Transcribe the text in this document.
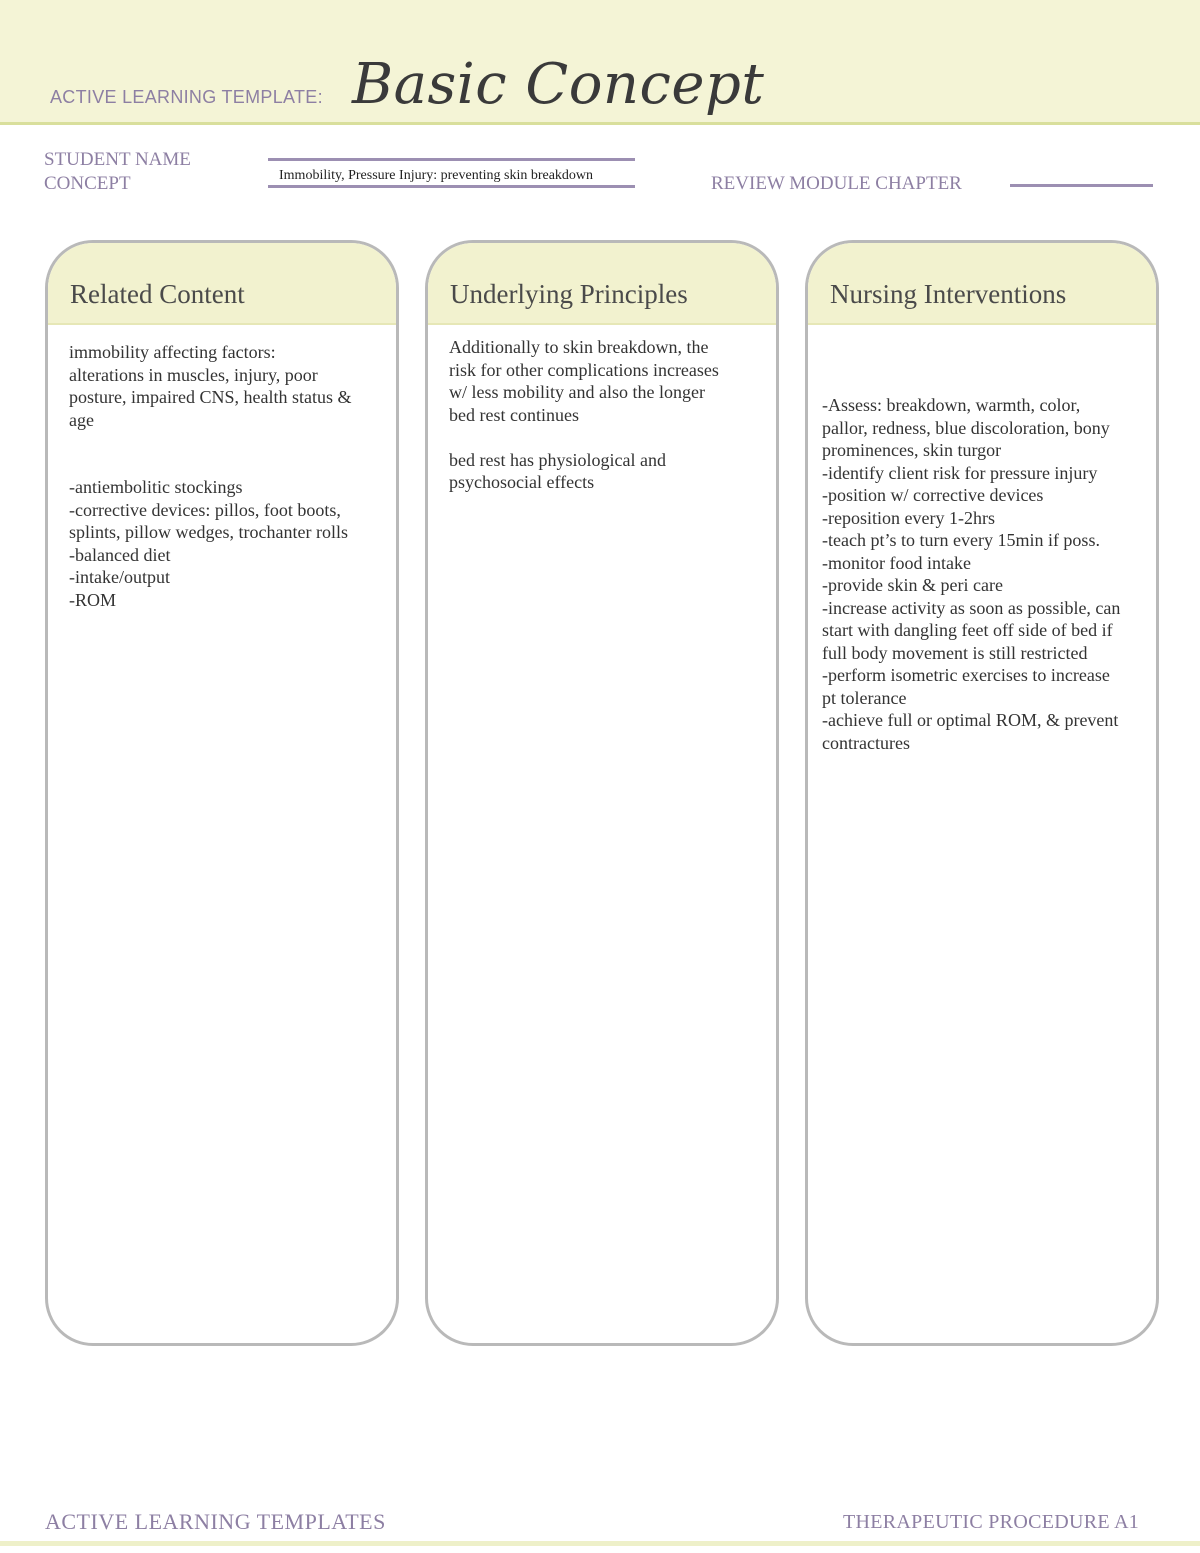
ACTIVE LEARNING TEMPLATE: Basic Concept
STUDENT NAME
CONCEPT	Immobility, Pressure Injury: preventing skin breakdown	REVIEW MODULE CHAPTER
Related Content
immobility affecting factors:
alterations in muscles, injury, poor
posture, impaired CNS, health status &
age

-antiembolitic stockings
-corrective devices: pillos, foot boots,
splints, pillow wedges, trochanter rolls
-balanced diet
-intake/output
-ROM
Underlying Principles
Additionally to skin breakdown, the
risk for other complications increases
w/ less mobility and also the longer
bed rest continues

bed rest has physiological and
psychosocial effects
Nursing Interventions
-Assess: breakdown, warmth, color,
pallor, redness, blue discoloration, bony
prominences, skin turgor
-identify client risk for pressure injury
-position w/ corrective devices
-reposition every 1-2hrs
-teach pt’s to turn every 15min if poss.
-monitor food intake
-provide skin & peri care
-increase activity as soon as possible, can
start with dangling feet off side of bed if
full body movement is still restricted
-perform isometric exercises to increase
pt tolerance
-achieve full or optimal ROM, & prevent
contractures
ACTIVE LEARNING TEMPLATES	THERAPEUTIC PROCEDURE A1
